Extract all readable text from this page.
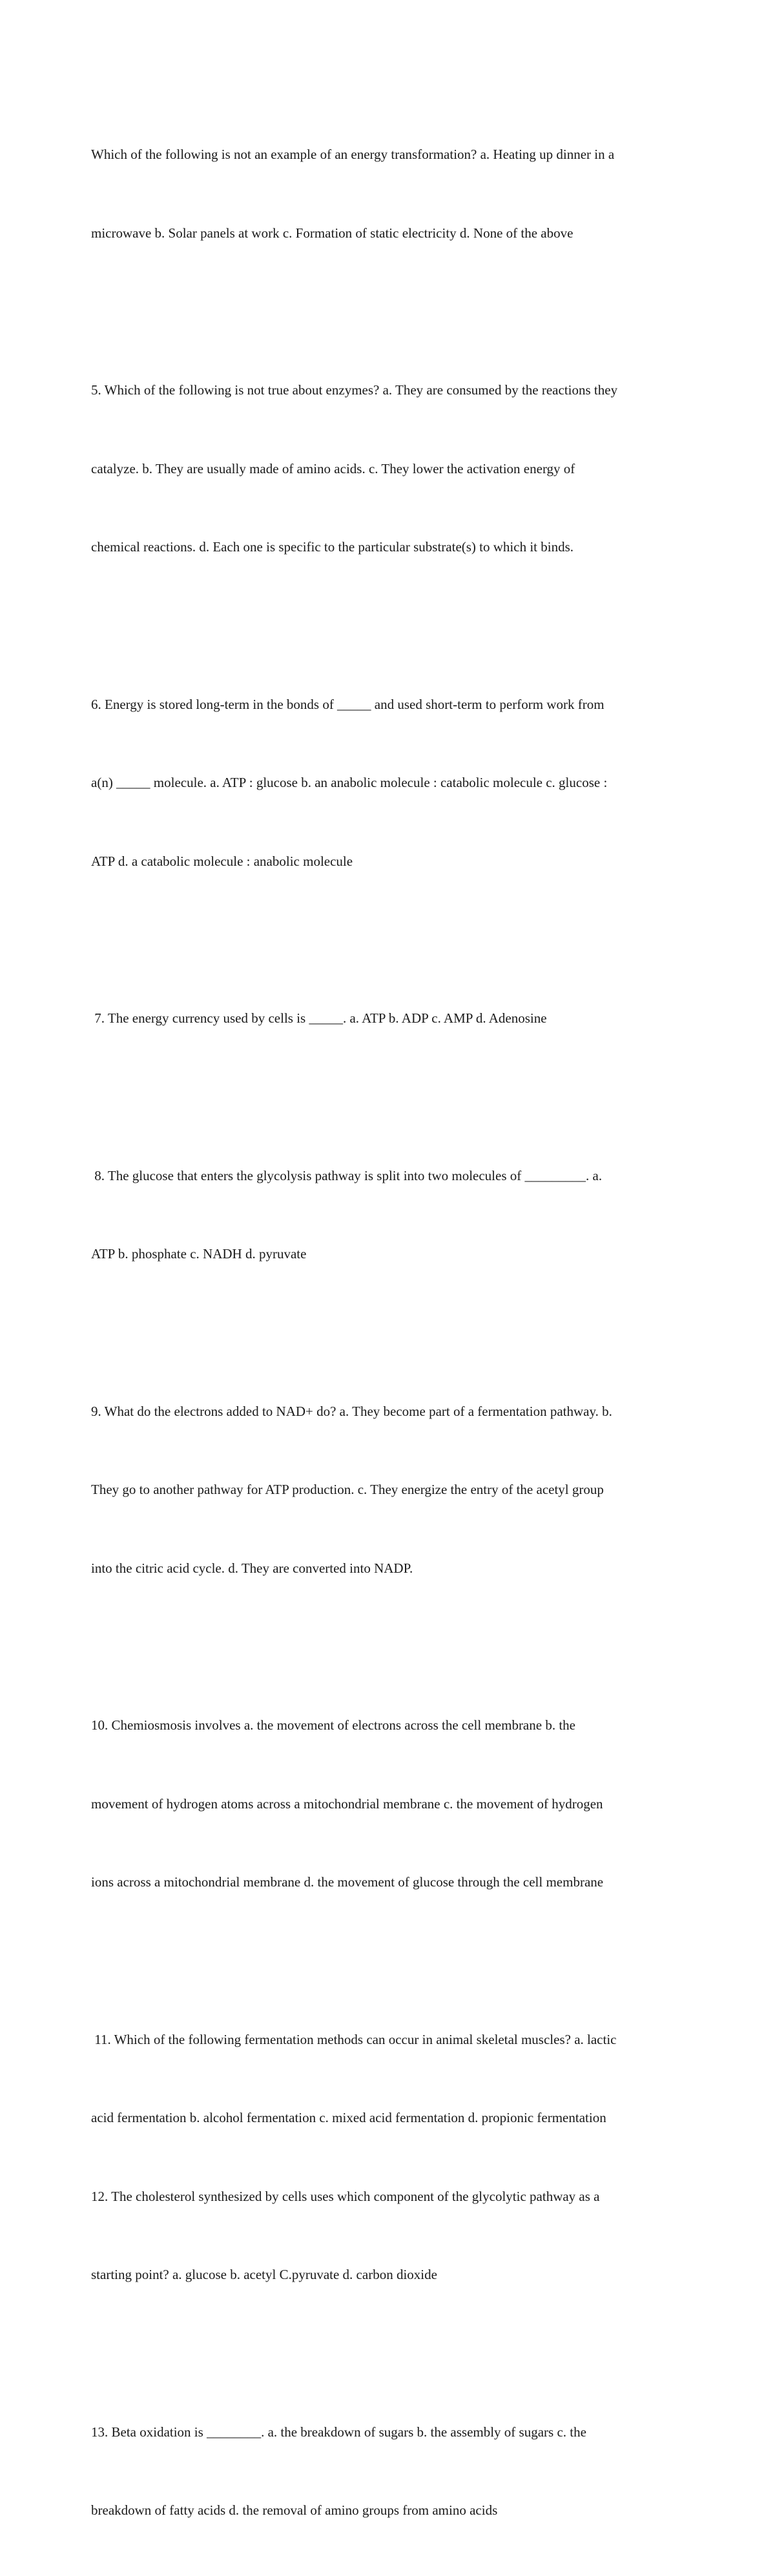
Which of the following is not an example of an energy transformation? a. Heating up dinner in a

microwave b. Solar panels at work c. Formation of static electricity d. None of the above

5. Which of the following is not true about enzymes? a. They are consumed by the reactions they

catalyze. b. They are usually made of amino acids. c. They lower the activation energy of

chemical reactions. d. Each one is specific to the particular substrate(s) to which it binds.

6. Energy is stored long-term in the bonds of _____ and used short-term to perform work from

a(n) _____ molecule. a. ATP : glucose b. an anabolic molecule : catabolic molecule c. glucose :

ATP d. a catabolic molecule : anabolic molecule

7. The energy currency used by cells is _____. a. ATP b. ADP c. AMP d. Adenosine

8. The glucose that enters the glycolysis pathway is split into two molecules of _________. a.

ATP b. phosphate c. NADH d. pyruvate

9. What do the electrons added to NAD+ do? a. They become part of a fermentation pathway. b.

They go to another pathway for ATP production. c. They energize the entry of the acetyl group

into the citric acid cycle. d. They are converted into NADP.

10. Chemiosmosis involves a. the movement of electrons across the cell membrane b. the

movement of hydrogen atoms across a mitochondrial membrane c. the movement of hydrogen

ions across a mitochondrial membrane d. the movement of glucose through the cell membrane

11. Which of the following fermentation methods can occur in animal skeletal muscles? a. lactic

acid fermentation b. alcohol fermentation c. mixed acid fermentation d. propionic fermentation

12. The cholesterol synthesized by cells uses which component of the glycolytic pathway as a

starting point? a. glucose b. acetyl C.pyruvate d. carbon dioxide

13. Beta oxidation is ________. a. the breakdown of sugars b. the assembly of sugars c. the

breakdown of fatty acids d. the removal of amino groups from amino acids
